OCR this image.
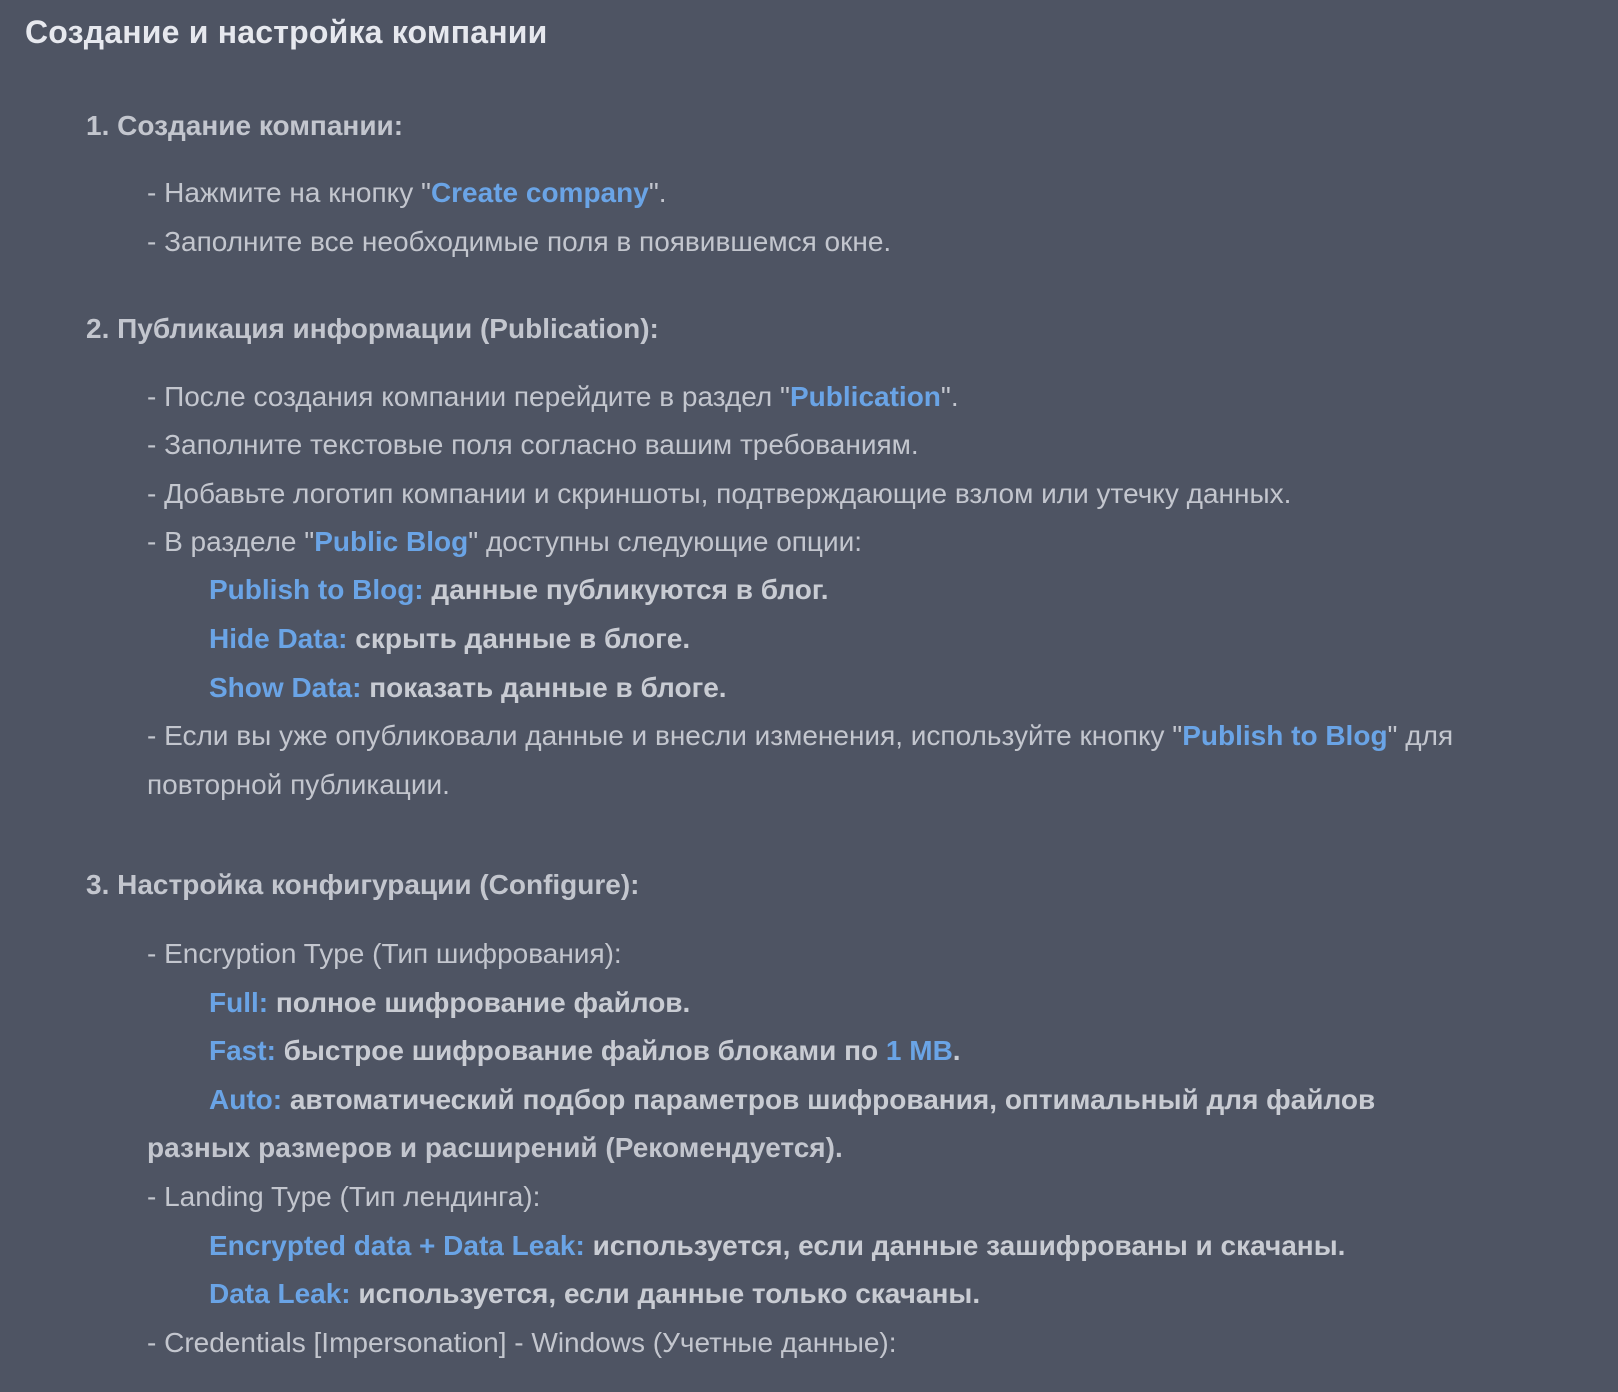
Создание и настройка компании
1. Создание компании:
- Нажмите на кнопку "Create company".
- Заполните все необходимые поля в появившемся окне.
2. Публикация информации (Publication):
- После создания компании перейдите в раздел "Publication".
- Заполните текстовые поля согласно вашим требованиям.
- Добавьте логотип компании и скриншоты, подтверждающие взлом или утечку данных.
- В разделе "Public Blog" доступны следующие опции:
Publish to Blog: данные публикуются в блог.
Hide Data: скрыть данные в блоге.
Show Data: показать данные в блоге.
- Если вы уже опубликовали данные и внесли изменения, используйте кнопку "Publish to Blog" для
повторной публикации.
3. Настройка конфигурации (Configure):
- Encryption Type (Тип шифрования):
Full: полное шифрование файлов.
Fast: быстрое шифрование файлов блоками по 1 MB.
Auto: автоматический подбор параметров шифрования, оптимальный для файлов
разных размеров и расширений (Рекомендуется).
- Landing Type (Тип лендинга):
Encrypted data + Data Leak: используется, если данные зашифрованы и скачаны.
Data Leak: используется, если данные только скачаны.
- Credentials [Impersonation] - Windows (Учетные данные):
